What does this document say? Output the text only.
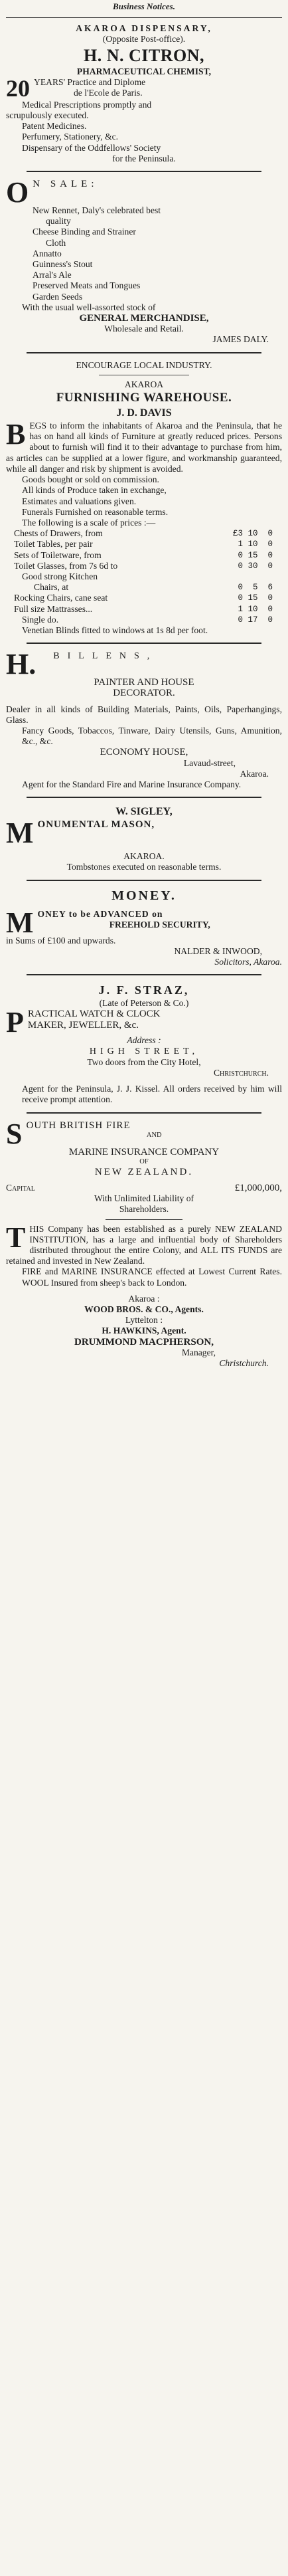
Business Notices.
AKAROA DISPENSARY,
(Opposite Post-office).
H. N. CITRON,
PHARMACEUTICAL CHEMIST,
20 YEARS' Practice and Diplome
de l'Ecole de Paris.
Medical Prescriptions promptly and
scrupulously executed.
Patent Medicines.
Perfumery, Stationery, &c.
Dispensary of the Oddfellows' Society
for the Peninsula.
O N SALE:
New Rennet, Daly's celebrated best
quality
Cheese Binding and Strainer
Cloth
Annatto
Guinness's Stout
Arral's Ale
Preserved Meats and Tongues
Garden Seeds
With the usual well-assorted stock of
GENERAL MERCHANDISE,
Wholesale and Retail.
JAMES DALY.
ENCOURAGE LOCAL INDUSTRY.
AKAROA
FURNISHING WAREHOUSE.
J. D. DAVIS
BEGS to inform the inhabitants of Akaroa and the Peninsula, that he has on hand all kinds of Furniture at greatly reduced prices. Persons about to furnish will find it to their advantage to purchase from him, as articles can be supplied at a lower figure, and workmanship guaranteed, while all danger and risk by shipment is avoided.
Goods bought or sold on commission.
All kinds of Produce taken in exchange,
Estimates and valuations given.
Funerals Furnished on reasonable terms.
The following is a scale of prices :—
Chests of Drawers, from	£3 10  0
Toilet Tables, per pair	1 10  0
Sets of Toiletware, from	0 15  0
Toilet Glasses, from 7s 6d to	0 30  0
Good strong Kitchen
Chairs, at	0  5  6
Rocking Chairs, cane seat	0 15  0
Full size Mattrasses...	1 10  0
Single do.	0 17  0
Venetian Blinds fitted to windows at 1s 8d per foot.
H. BILLENS,
PAINTER AND HOUSE
DECORATOR.
Dealer in all kinds of Building Materials, Paints, Oils, Paperhangings, Glass.
Fancy Goods, Tobaccos, Tinware, Dairy Utensils, Guns, Amunition, &c., &c.
ECONOMY HOUSE,
Lavaud-street,
Akaroa.
Agent for the Standard Fire and Marine Insurance Company.
W. SIGLEY,
M ONUMENTAL MASON,
AKAROA.
Tombstones executed on reasonable terms.
MONEY.
M ONEY to be ADVANCED on
FREEHOLD SECURITY,
in Sums of £100 and upwards.
NALDER & INWOOD,
Solicitors, Akaroa.
J. F. STRAZ,
(Late of Peterson & Co.)
P RACTICAL WATCH & CLOCK
MAKER, JEWELLER, &c.
Address :
HIGH STREET,
Two doors from the City Hotel,
Christchurch.
Agent for the Peninsula, J. J. Kissel. All orders received by him will receive prompt attention.
S OUTH BRITISH FIRE
AND
MARINE INSURANCE COMPANY
OF
NEW ZEALAND.
Capital	£1,000,000,
With Unlimited Liability of
Shareholders.
THIS Company has been established as a purely NEW ZEALAND INSTITUTION, has a large and influential body of Shareholders distributed throughout the entire Colony, and ALL ITS FUNDS are retained and invested in New Zealand.
FIRE and MARINE INSURANCE effected at Lowest Current Rates. WOOL Insured from sheep's back to London.
Akaroa :
WOOD BROS. & CO., Agents.
Lyttelton :
H. HAWKINS, Agent.
DRUMMOND MACPHERSON,
Manager,
Christchurch.
